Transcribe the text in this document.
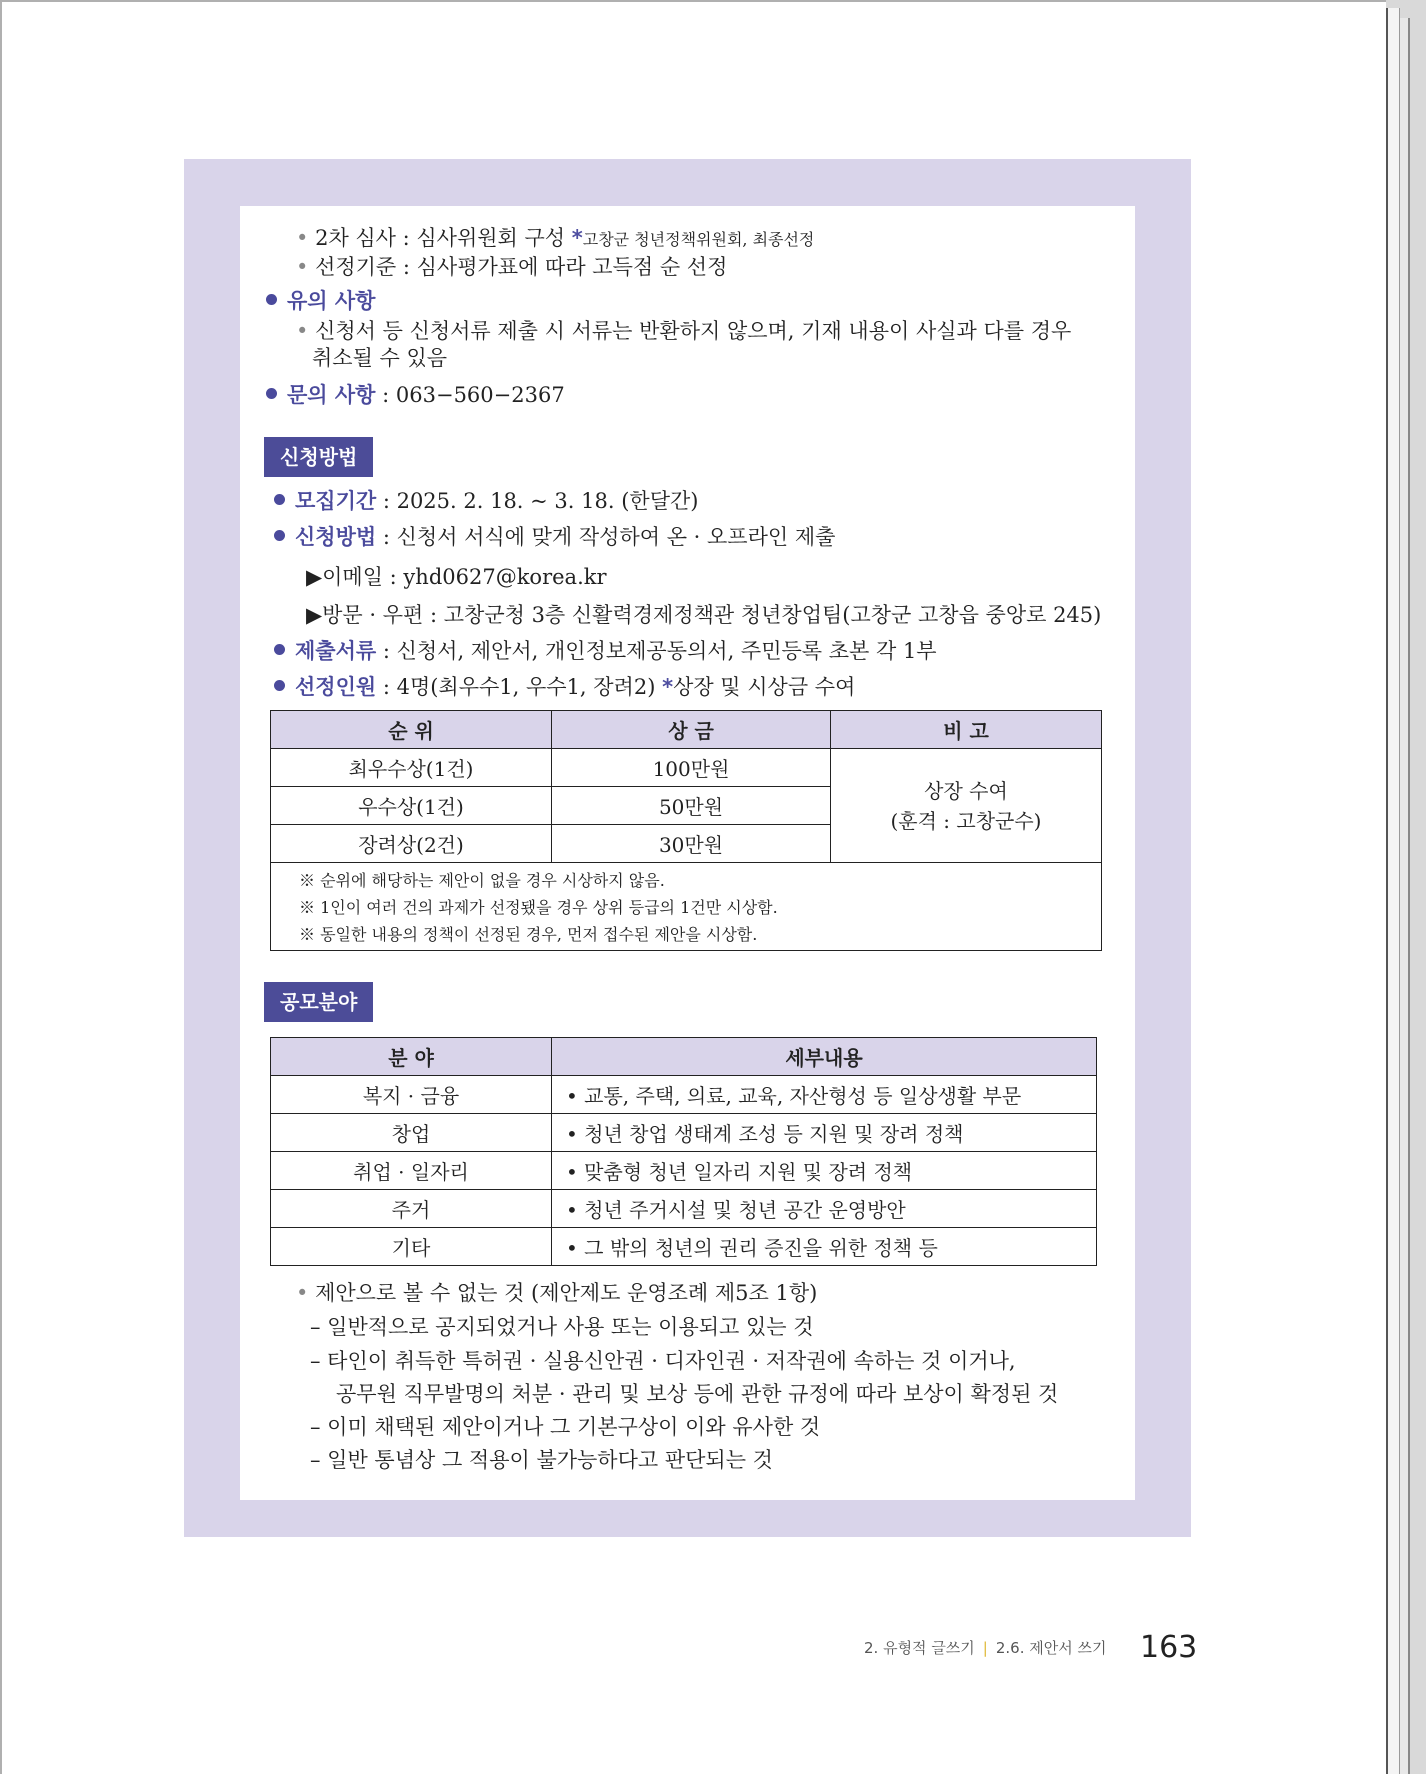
• 2차 심사 : 심사위원회 구성 *고창군 청년정책위원회, 최종선정
• 선정기준 : 심사평가표에 따라 고득점 순 선정
유의 사항
• 신청서 등 신청서류 제출 시 서류는 반환하지 않으며, 기재 내용이 사실과 다를 경우
취소될 수 있음
문의 사항 : 063−560−2367
신청방법
모집기간 : 2025. 2. 18. ~ 3. 18. (한달간)
신청방법 : 신청서 서식에 맞게 작성하여 온 · 오프라인 제출
▶이메일 : yhd0627@korea.kr
▶방문 · 우편 : 고창군청 3층 신활력경제정책관 청년창업팀(고창군 고창읍 중앙로 245)
제출서류 : 신청서, 제안서, 개인정보제공동의서, 주민등록 초본 각 1부
선정인원 : 4명(최우수1, 우수1, 장려2) *상장 및 시상금 수여
순 위	상 금	비 고
최우수상(1건)	100만원	상장 수여
(훈격 : 고창군수)

우수상(1건)	50만원	
장려상(2건)	30만원	

※ 순위에 해당하는 제안이 없을 경우 시상하지 않음.
※ 1인이 여러 건의 과제가 선정됐을 경우 상위 등급의 1건만 시상함.
※ 동일한 내용의 정책이 선정된 경우, 먼저 접수된 제안을 시상함.		
공모분야
분 야	세부내용
복지 · 금융	• 교통, 주택, 의료, 교육, 자산형성 등 일상생활 부문
창업	• 청년 창업 생태계 조성 등 지원 및 장려 정책
취업 · 일자리	• 맞춤형 청년 일자리 지원 및 장려 정책
주거	• 청년 주거시설 및 청년 공간 운영방안
기타	• 그 밖의 청년의 권리 증진을 위한 정책 등
• 제안으로 볼 수 없는 것 (제안제도 운영조례 제5조 1항)
– 일반적으로 공지되었거나 사용 또는 이용되고 있는 것
– 타인이 취득한 특허권 · 실용신안권 · 디자인권 · 저작권에 속하는 것 이거나,
공무원 직무발명의 처분 · 관리 및 보상 등에 관한 규정에 따라 보상이 확정된 것
– 이미 채택된 제안이거나 그 기본구상이 이와 유사한 것
– 일반 통념상 그 적용이 불가능하다고 판단되는 것
2. 유형적 글쓰기 | 2.6. 제안서 쓰기 163
